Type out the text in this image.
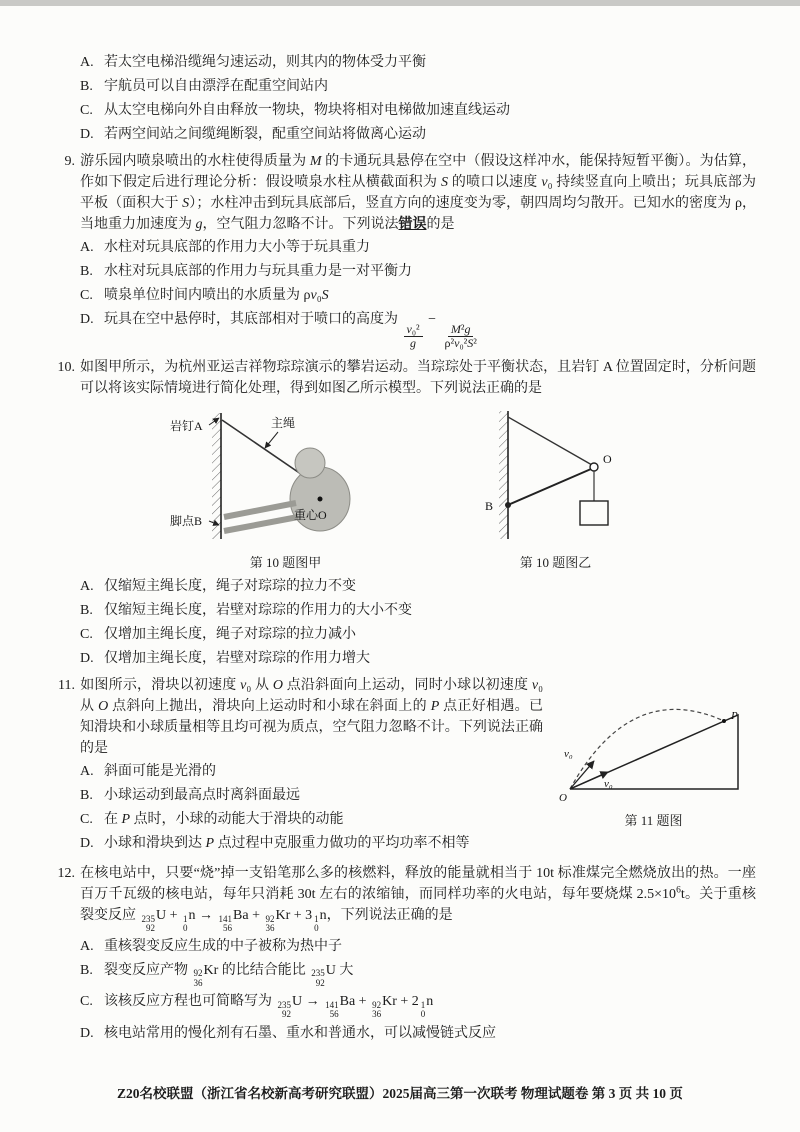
A. 若太空电梯沿缆绳匀速运动，则其内的物体受力平衡
B. 宇航员可以自由漂浮在配重空间站内
C. 从太空电梯向外自由释放一物块，物块将相对电梯做加速直线运动
D. 若两空间站之间缆绳断裂，配重空间站将做离心运动

9. 游乐园内喷泉喷出的水柱使得质量为 M 的卡通玩具悬停在空中（假设这样冲水，能保持短暂平衡）。为估算，作如下假定后进行理论分析：假设喷泉水柱从横截面积为 S 的喷口以速度 v₀ 持续竖直向上喷出；玩具底部为平板（面积大于 S）；水柱冲击到玩具底部后，竖直方向的速度变为零，朝四周均匀散开。已知水的密度为 ρ，当地重力加速度为 g，空气阻力忽略不计。下列说法错误的是

A. 水柱对玩具底部的作用力大小等于玩具重力
B. 水柱对玩具底部的作用力与玩具重力是一对平衡力
C. 喷泉单位时间内喷出的水质量为 ρv₀S
D. 玩具在空中悬停时，其底部相对于喷口的高度为
$\frac{\text{v₀²}}{g}$
−
$\frac{\text{M²g}}{\text{ρ²v₀²S²}}$

10. 如图甲所示，为杭州亚运吉祥物琮琮演示的攀岩运动。当琮琮处于平衡状态，且岩钉 A 位置固定时，分析问题可以将该实际情境进行简化处理，得到如图乙所示模型。下列说法正确的是

岩钉A	主绳
重心O
脚点B
第 10 题图甲
O
B
第 10 题图乙
A. 仅缩短主绳长度，绳子对琮琮的拉力不变
B. 仅缩短主绳长度，岩壁对琮琮的作用力的大小不变
C. 仅增加主绳长度，绳子对琮琮的拉力减小
D. 仅增加主绳长度，岩壁对琮琮的作用力增大
P
O
v₀
v₀
第 11 题图

11. 如图所示，滑块以初速度 v₀ 从 O 点沿斜面向上运动，同时小球以初速度 v₀ 从 O 点斜向上抛出，滑块向上运动时和小球在斜面上的 P 点正好相遇。已知滑块和小球质量相等且均可视为质点，空气阻力忽略不计。下列说法正确的是

A. 斜面可能是光滑的
B. 小球运动到最高点时离斜面最远
C. 在 P 点时，小球的动能大于滑块的动能
D. 小球和滑块到达 P 点过程中克服重力做功的平均功率不相等

12. 在核电站中，只要“烧”掉一支铅笔那么多的核燃料，释放的能量就相当于 10t 标准煤完全燃烧放出的热。一座百万千瓦级的核电站，每年只消耗 30t 左右的浓缩铀，而同样功率的火电站，每年要烧煤 $2.5\times 10^6t$。关于重核裂变反应 235
92
U + 1
0
n → 141
56
Ba + 92
36
Kr + 3 1
0
n，下列说法正确的是

A. 重核裂变反应生成的中子被称为热中子
B. 裂变反应产物 92
36
Kr 的比结合能比 235
92
U 大
C. 该核反应方程也可简略写为 235
92
U → 141
56
Ba + 92
36
Kr + 2 1
0
n
D. 核电站常用的慢化剂有石墨、重水和普通水，可以减慢链式反应
Z20名校联盟（浙江省名校新高考研究联盟）2025届高三第一次联考 物理试题卷 第 3 页 共 10 页
